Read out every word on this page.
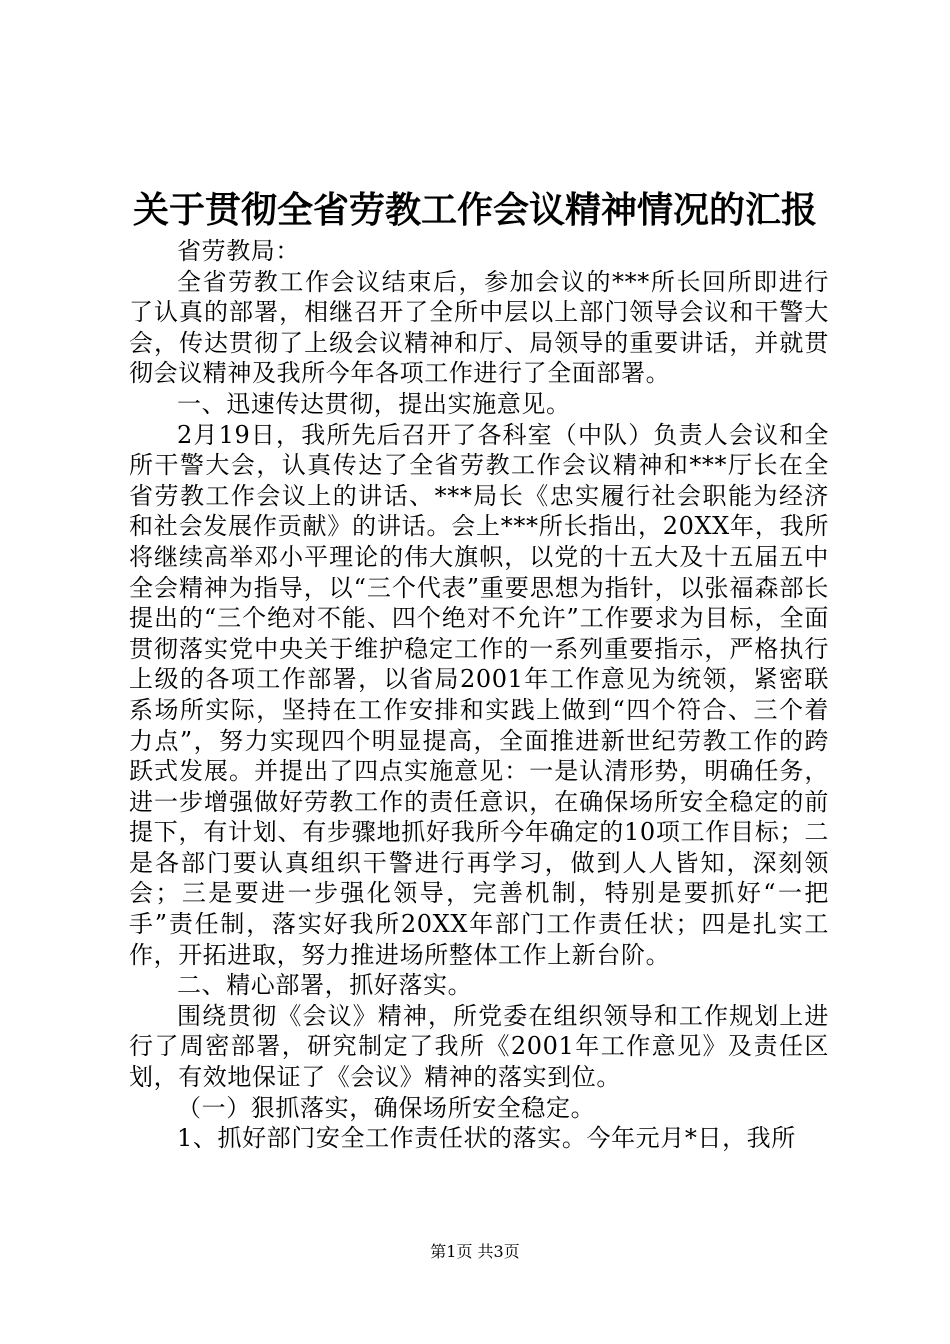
关于贯彻全省劳教工作会议精神情况的汇报

省劳教局：

全省劳教工作会议结束后，参加会议的***所长回所即进行了认真的部署，相继召开了全所中层以上部门领导会议和干警大会，传达贯彻了上级会议精神和厅、局领导的重要讲话，并就贯彻会议精神及我所今年各项工作进行了全面部署。

一、迅速传达贯彻，提出实施意见。

2月19日，我所先后召开了各科室（中队）负责人会议和全所干警大会，认真传达了全省劳教工作会议精神和***厅长在全省劳教工作会议上的讲话、***局长《忠实履行社会职能为经济和社会发展作贡献》的讲话。会上***所长指出，20XX年，我所将继续高举邓小平理论的伟大旗帜，以党的十五大及十五届五中全会精神为指导，以“三个代表”重要思想为指针，以张福森部长提出的“三个绝对不能、四个绝对不允许”工作要求为目标，全面贯彻落实党中央关于维护稳定工作的一系列重要指示，严格执行上级的各项工作部署，以省局2001年工作意见为统领，紧密联系场所实际，坚持在工作安排和实践上做到“四个符合、三个着力点”，努力实现四个明显提高，全面推进新世纪劳教工作的跨跃式发展。并提出了四点实施意见：一是认清形势，明确任务，进一步增强做好劳教工作的责任意识，在确保场所安全稳定的前提下，有计划、有步骤地抓好我所今年确定的10项工作目标；二是各部门要认真组织干警进行再学习，做到人人皆知，深刻领会；三是要进一步强化领导，完善机制，特别是要抓好“一把手”责任制，落实好我所20XX年部门工作责任状；四是扎实工作，开拓进取，努力推进场所整体工作上新台阶。

二、精心部署，抓好落实。

围绕贯彻《会议》精神，所党委在组织领导和工作规划上进行了周密部署，研究制定了我所《2001年工作意见》及责任区划，有效地保证了《会议》精神的落实到位。

（一）狠抓落实，确保场所安全稳定。

1、抓好部门安全工作责任状的落实。今年元月*日，我所

第1页 共3页
